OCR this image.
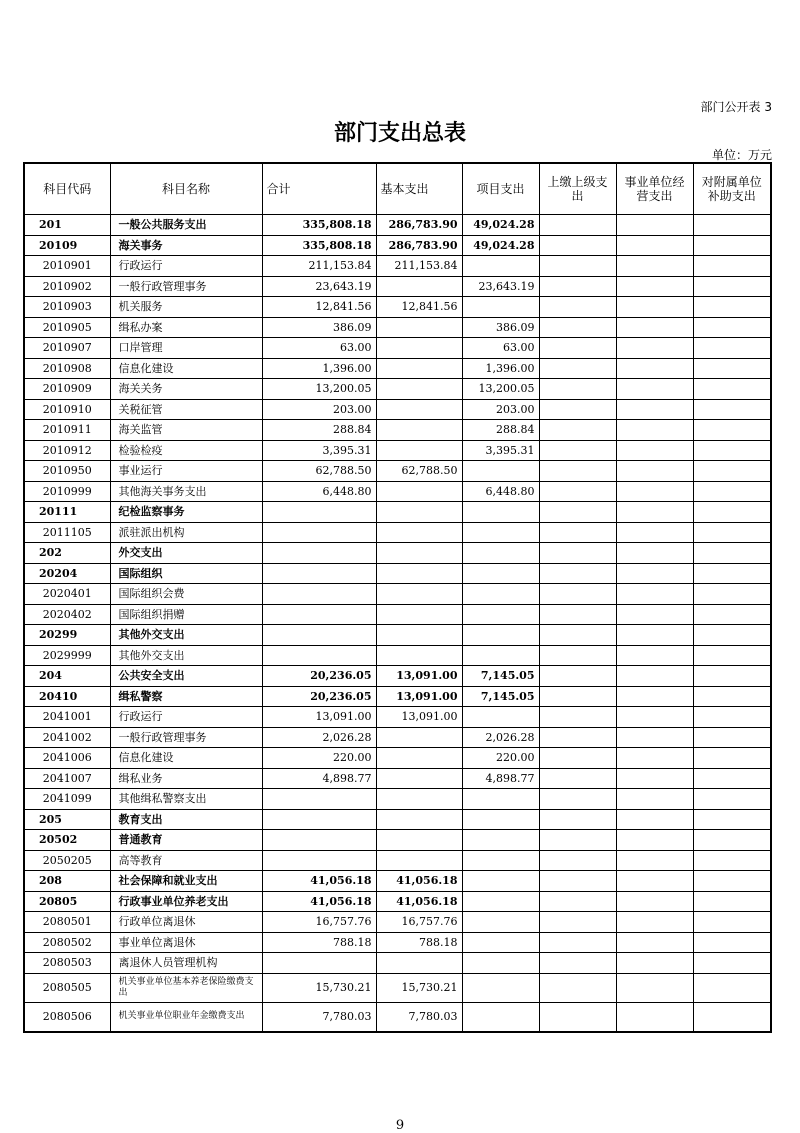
部门公开表 3
部门支出总表
单位：万元
科目代码	科目名称	合计	基本支出	项目支出	上缴上级支出	事业单位经营支出	对附属单位补助支出
201	一般公共服务支出	335,808.18	286,783.90	49,024.28			
20109	海关事务	335,808.18	286,783.90	49,024.28			
2010901	行政运行	211,153.84	211,153.84				
2010902	一般行政管理事务	23,643.19		23,643.19			
2010903	机关服务	12,841.56	12,841.56				
2010905	缉私办案	386.09		386.09			
2010907	口岸管理	63.00		63.00			
2010908	信息化建设	1,396.00		1,396.00			
2010909	海关关务	13,200.05		13,200.05			
2010910	关税征管	203.00		203.00			
2010911	海关监管	288.84		288.84			
2010912	检验检疫	3,395.31		3,395.31			
2010950	事业运行	62,788.50	62,788.50				
2010999	其他海关事务支出	6,448.80		6,448.80			
20111	纪检监察事务						
2011105	派驻派出机构						
202	外交支出						
20204	国际组织						
2020401	国际组织会费						
2020402	国际组织捐赠						
20299	其他外交支出						
2029999	其他外交支出						
204	公共安全支出	20,236.05	13,091.00	7,145.05			
20410	缉私警察	20,236.05	13,091.00	7,145.05			
2041001	行政运行	13,091.00	13,091.00				
2041002	一般行政管理事务	2,026.28		2,026.28			
2041006	信息化建设	220.00		220.00			
2041007	缉私业务	4,898.77		4,898.77			
2041099	其他缉私警察支出						
205	教育支出						
20502	普通教育						
2050205	高等教育						
208	社会保障和就业支出	41,056.18	41,056.18				
20805	行政事业单位养老支出	41,056.18	41,056.18				
2080501	行政单位离退休	16,757.76	16,757.76				
2080502	事业单位离退休	788.18	788.18				
2080503	离退休人员管理机构						
2080505	机关事业单位基本养老保险缴费支出	15,730.21	15,730.21				
2080506	机关事业单位职业年金缴费支出	7,780.03	7,780.03				
9
